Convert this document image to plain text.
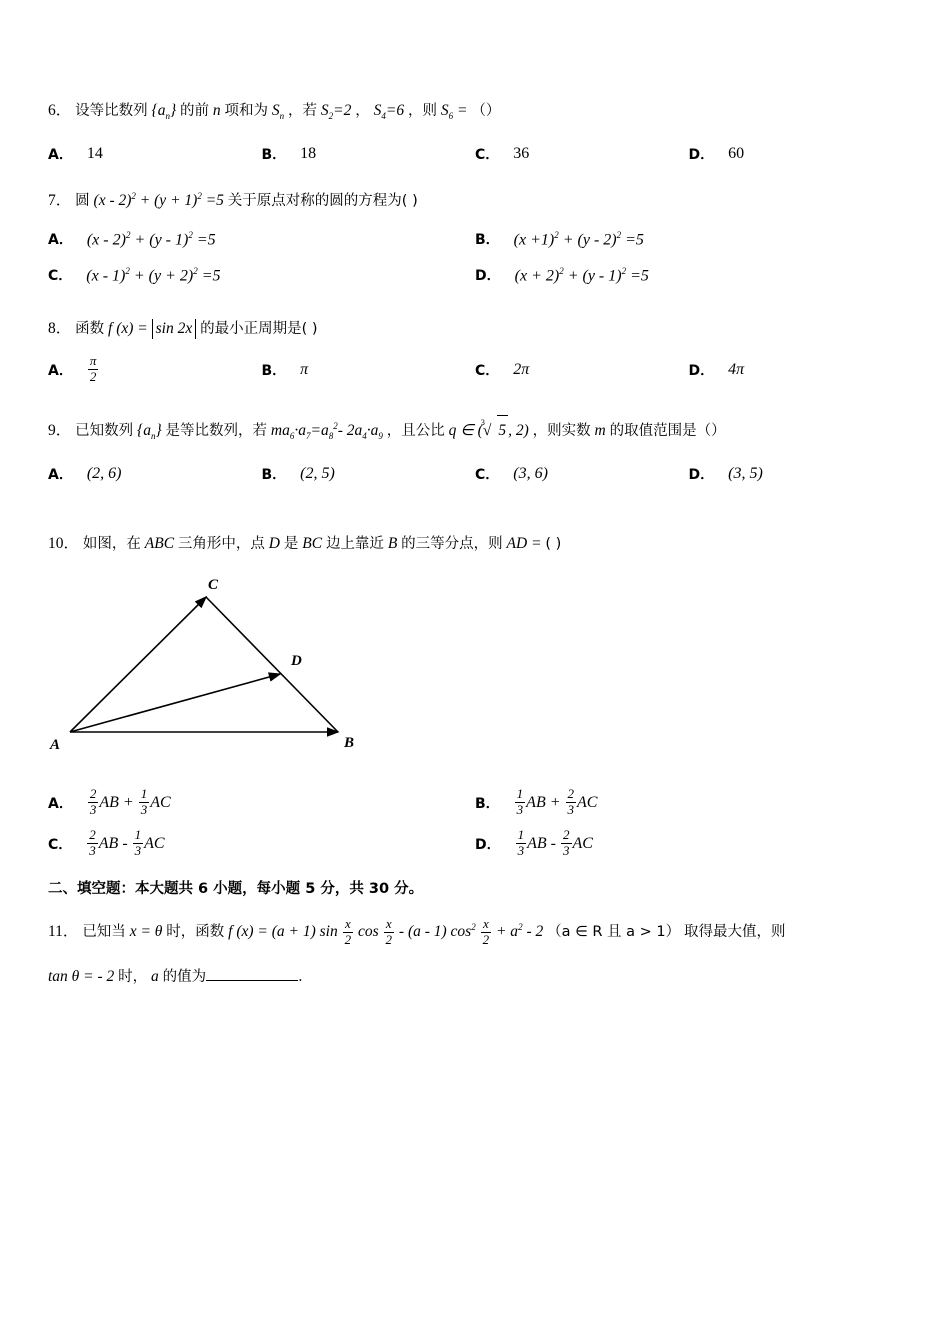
6． 设等比数列 $\{a_n\}$ 的前 n 项和为 $S_n$ ，若 $S_2=2$ ， $S_4=6$ ，则 $S_6$ = （）
A． 14	B． 18	C． 36	D． 60
7． 圆 $(x - 2)^2 + (y + 1)^2 =5$ 关于原点对称的圆的方程为( )
A． (x - 2)$^2$ + (y - 1)$^2$ =5	B． $(x +1)^2 + (y - 2)^2 =5$
C． $(x - 1)^2 + (y + 2)^2 =5$	D． $(x + 2)^2 + (y - 1)^2 =5$
8． 函数 f (x) = sin 2x 的最小正周期是( )
A． $\frac{\pi}{2}$	B． π	C． 2π	D． 4π
9． 已知数列 $\{a_n\}$ 是等比数列，若 $ma_6\cdot a_7=a_8^2-$ $2a_4\cdot a_9$ ，且公比 q ∈ (
3
√ 5 , 2) ，则实数 m 的取值范围是（）
A． (2, 6)	B． (2, 5)	C． (3, 6)	D． (3, 5)
10． 如图，在 ABC 三角形中，点 D 是 BC 边上靠近 B 的三等分点，则 AD = ( )
C
D
A	B
A． $\frac{2}{3}$ AB + $\frac{1}{3}$ AC	B． $\frac{1}{3}$ AB + $\frac{2}{3}$ AC
C． $\frac{2}{3}$ AB - $\frac{1}{3}$ AC	D． $\frac{1}{3}$ AB - $\frac{2}{3}$ AC
二、填空题：本大题共 6 小题，每小题 5 分，共 30 分。
11． 已知当 x = θ 时，函数 f (x) = (a + 1) $\sin \frac{x}{2}$ $\cos \frac{x}{2} - (a - 1)$ $\cos^2 \frac{x}{2} + a^2 - 2$ （a ∈ R 且 a > 1） 取得最大值，则
tan θ = - 2 时， a 的值为	．
